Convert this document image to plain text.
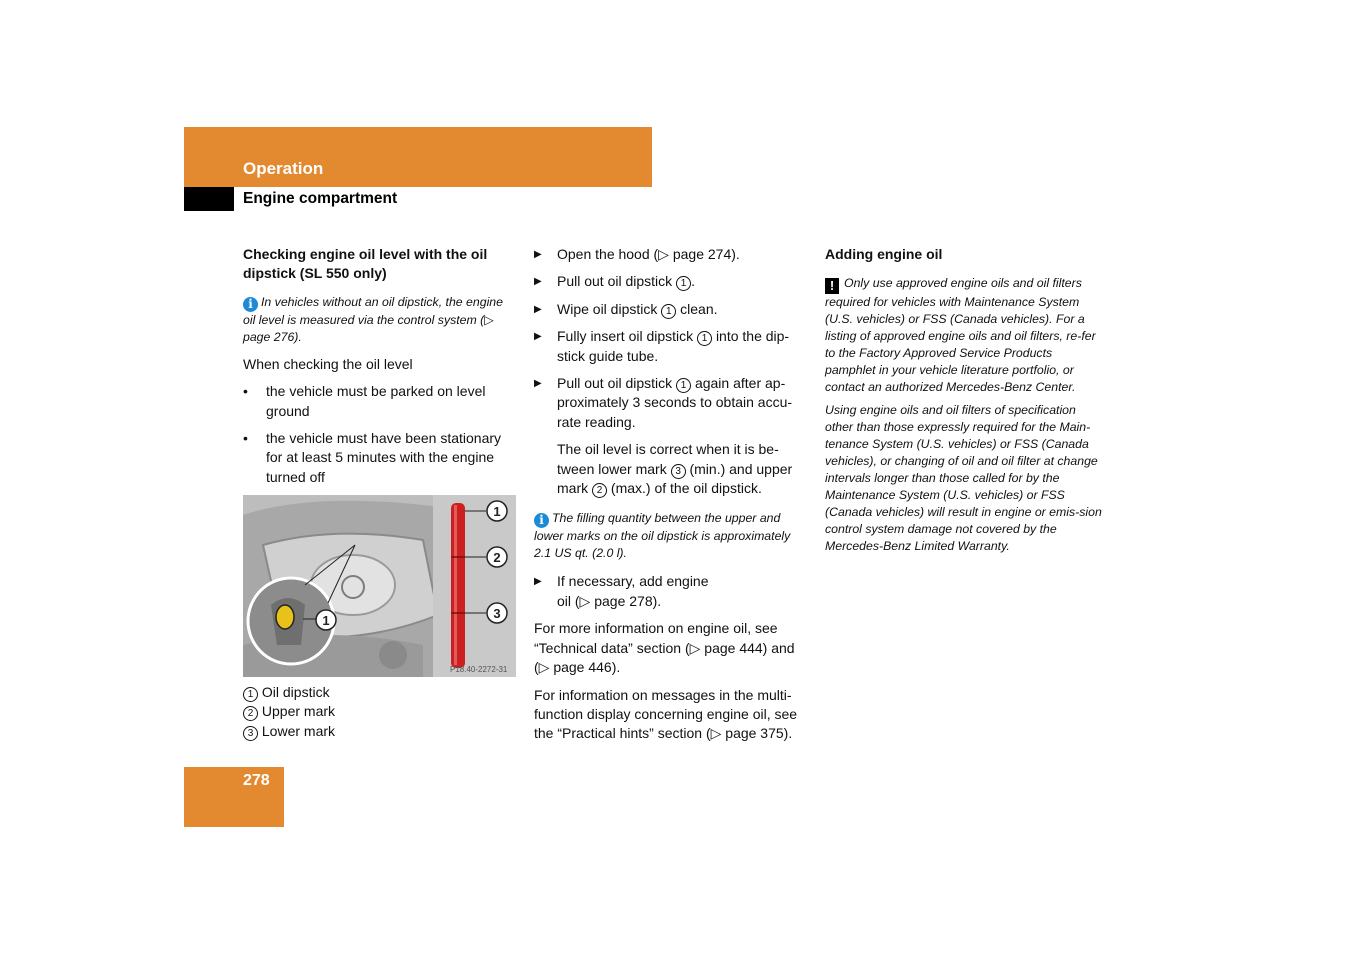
Operation
Engine compartment

Checking engine oil level with the oil dipstick (SL 550 only)

i In vehicles without an oil dipstick, the engine oil level is measured via the control system (▷ page 276).

When checking the oil level

• the vehicle must be parked on level ground
• the vehicle must have been stationary for at least 5 minutes with the engine turned off
1
2
3
1
P18.40-2272-31

1 Oil dipstick

2 Upper mark

3 Lower mark

▶ Open the hood (▷ page 274).
▶ Pull out oil dipstick 1 .
▶ Wipe oil dipstick 1 clean.
▶ Fully insert oil dipstick 1 into the dip-stick guide tube.
▶ Pull out oil dipstick 1 again after ap-proximately 3 seconds to obtain accu-rate reading.

The oil level is correct when it is be-tween lower mark 3 (min.) and upper mark 2 (max.) of the oil dipstick.

i The filling quantity between the upper and lower marks on the oil dipstick is approximately 2.1 US qt. (2.0 l).

▶ If necessary, add engine oil (▷ page 278).

For more information on engine oil, see “Technical data” section (▷ page 444) and (▷ page 446).

For information on messages in the multi-function display concerning engine oil, see the “Practical hints” section (▷ page 375).

Adding engine oil

! Only use approved engine oils and oil filters required for vehicles with Maintenance System (U.S. vehicles) or FSS (Canada vehicles). For a listing of approved engine oils and oil filters, re-fer to the Factory Approved Service Products pamphlet in your vehicle literature portfolio, or contact an authorized Mercedes-Benz Center.

Using engine oils and oil filters of specification other than those expressly required for the Main-tenance System (U.S. vehicles) or FSS (Canada vehicles), or changing of oil and oil filter at change intervals longer than those called for by the Maintenance System (U.S. vehicles) or FSS (Canada vehicles) will result in engine or emis-sion control system damage not covered by the Mercedes-Benz Limited Warranty.

278
